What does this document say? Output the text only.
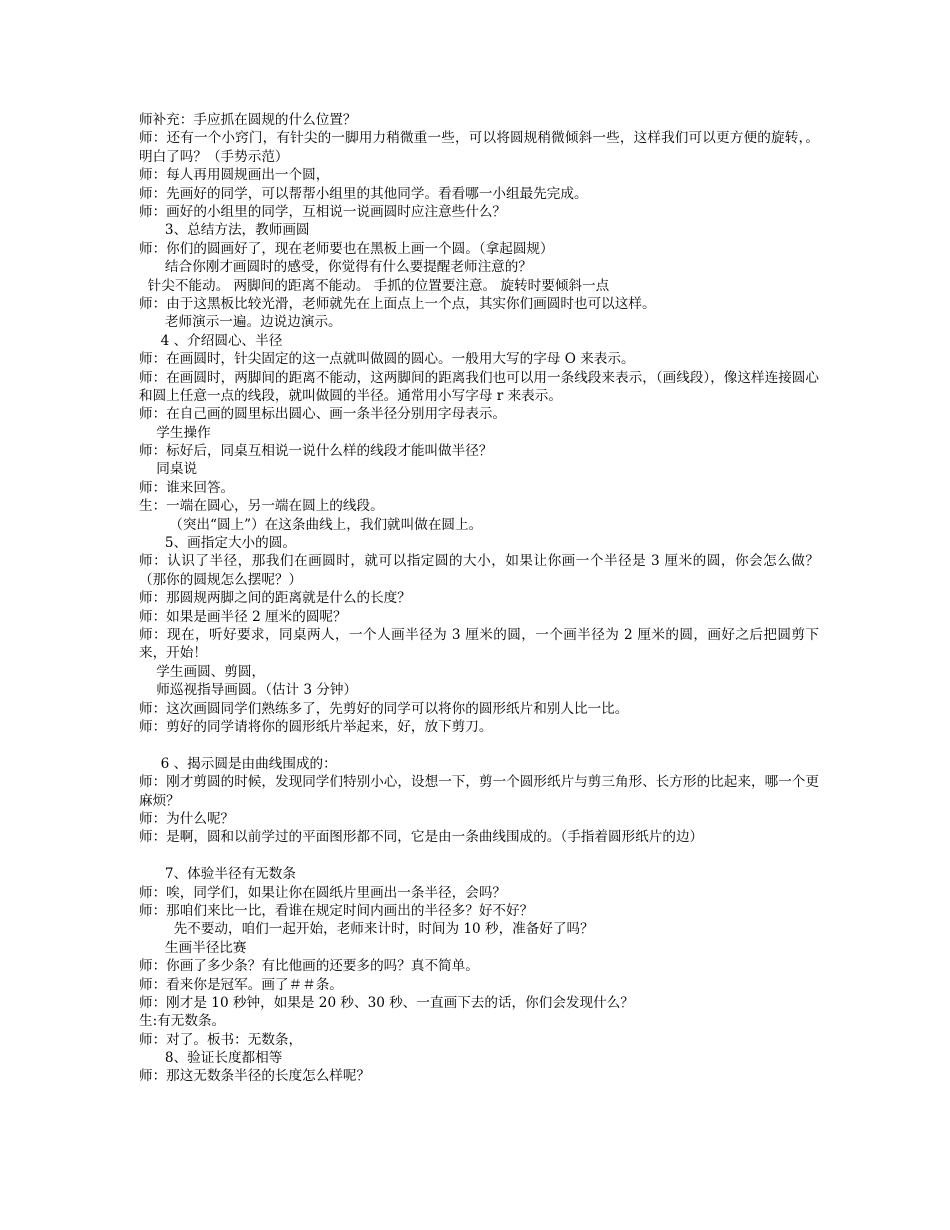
师补充：手应抓在圆规的什么位置？
师：还有一个小窍门，有针尖的一脚用力稍微重一些，可以将圆规稍微倾斜一些，这样我们可以更方便的旋转，。明白了吗？（手势示范）
师：每人再用圆规画出一个圆，
师：先画好的同学，可以帮帮小组里的其他同学。看看哪一小组最先完成。
师：画好的小组里的同学，互相说一说画圆时应注意些什么？
3、总结方法，教师画圆
师：你们的圆画好了，现在老师要也在黑板上画一个圆。（拿起圆规）
结合你刚才画圆时的感受，你觉得有什么要提醒老师注意的？
针尖不能动。 两脚间的距离不能动。 手抓的位置要注意。 旋转时要倾斜一点
师：由于这黑板比较光滑，老师就先在上面点上一个点，其实你们画圆时也可以这样。
老师演示一遍。边说边演示。
4 、介绍圆心、半径
师：在画圆时，针尖固定的这一点就叫做圆的圆心。一般用大写的字母 O 来表示。
师：在画圆时，两脚间的距离不能动，这两脚间的距离我们也可以用一条线段来表示，（画线段），像这样连接圆心和圆上任意一点的线段，就叫做圆的半径。通常用小写字母 r 来表示。
师：在自己画的圆里标出圆心、画一条半径分别用字母表示。
学生操作
师：标好后，同桌互相说一说什么样的线段才能叫做半径？
同桌说
师：谁来回答。
生：一端在圆心，另一端在圆上的线段。
（突出“圆上”）在这条曲线上，我们就叫做在圆上。
5、画指定大小的圆。
师：认识了半径，那我们在画圆时，就可以指定圆的大小，如果让你画一个半径是 3 厘米的圆，你会怎么做？（那你的圆规怎么摆呢？）
师：那圆规两脚之间的距离就是什么的长度？
师：如果是画半径 2 厘米的圆呢？
师：现在，听好要求，同桌两人，一个人画半径为 3 厘米的圆，一个画半径为 2 厘米的圆，画好之后把圆剪下来，开始！
学生画圆、剪圆，
师巡视指导画圆。（估计 3 分钟）
师：这次画圆同学们熟练多了，先剪好的同学可以将你的圆形纸片和别人比一比。
师：剪好的同学请将你的圆形纸片举起来，好，放下剪刀。
6 、揭示圆是由曲线围成的：
师：刚才剪圆的时候，发现同学们特别小心，设想一下，剪一个圆形纸片与剪三角形、长方形的比起来，哪一个更麻烦？
师：为什么呢？
师：是啊，圆和以前学过的平面图形都不同，它是由一条曲线围成的。（手指着圆形纸片的边）
7、体验半径有无数条
师：唉，同学们，如果让你在圆纸片里画出一条半径，会吗？
师：那咱们来比一比，看谁在规定时间内画出的半径多？好不好？
先不要动，咱们一起开始，老师来计时，时间为 10 秒，准备好了吗？
生画半径比赛
师：你画了多少条？有比他画的还要多的吗？真不简单。
师：看来你是冠军。画了＃＃条。
师：刚才是 10 秒钟，如果是 20 秒、30 秒、一直画下去的话，你们会发现什么？
生:有无数条。
师：对了。板书：无数条，
8、验证长度都相等
师：那这无数条半径的长度怎么样呢？
